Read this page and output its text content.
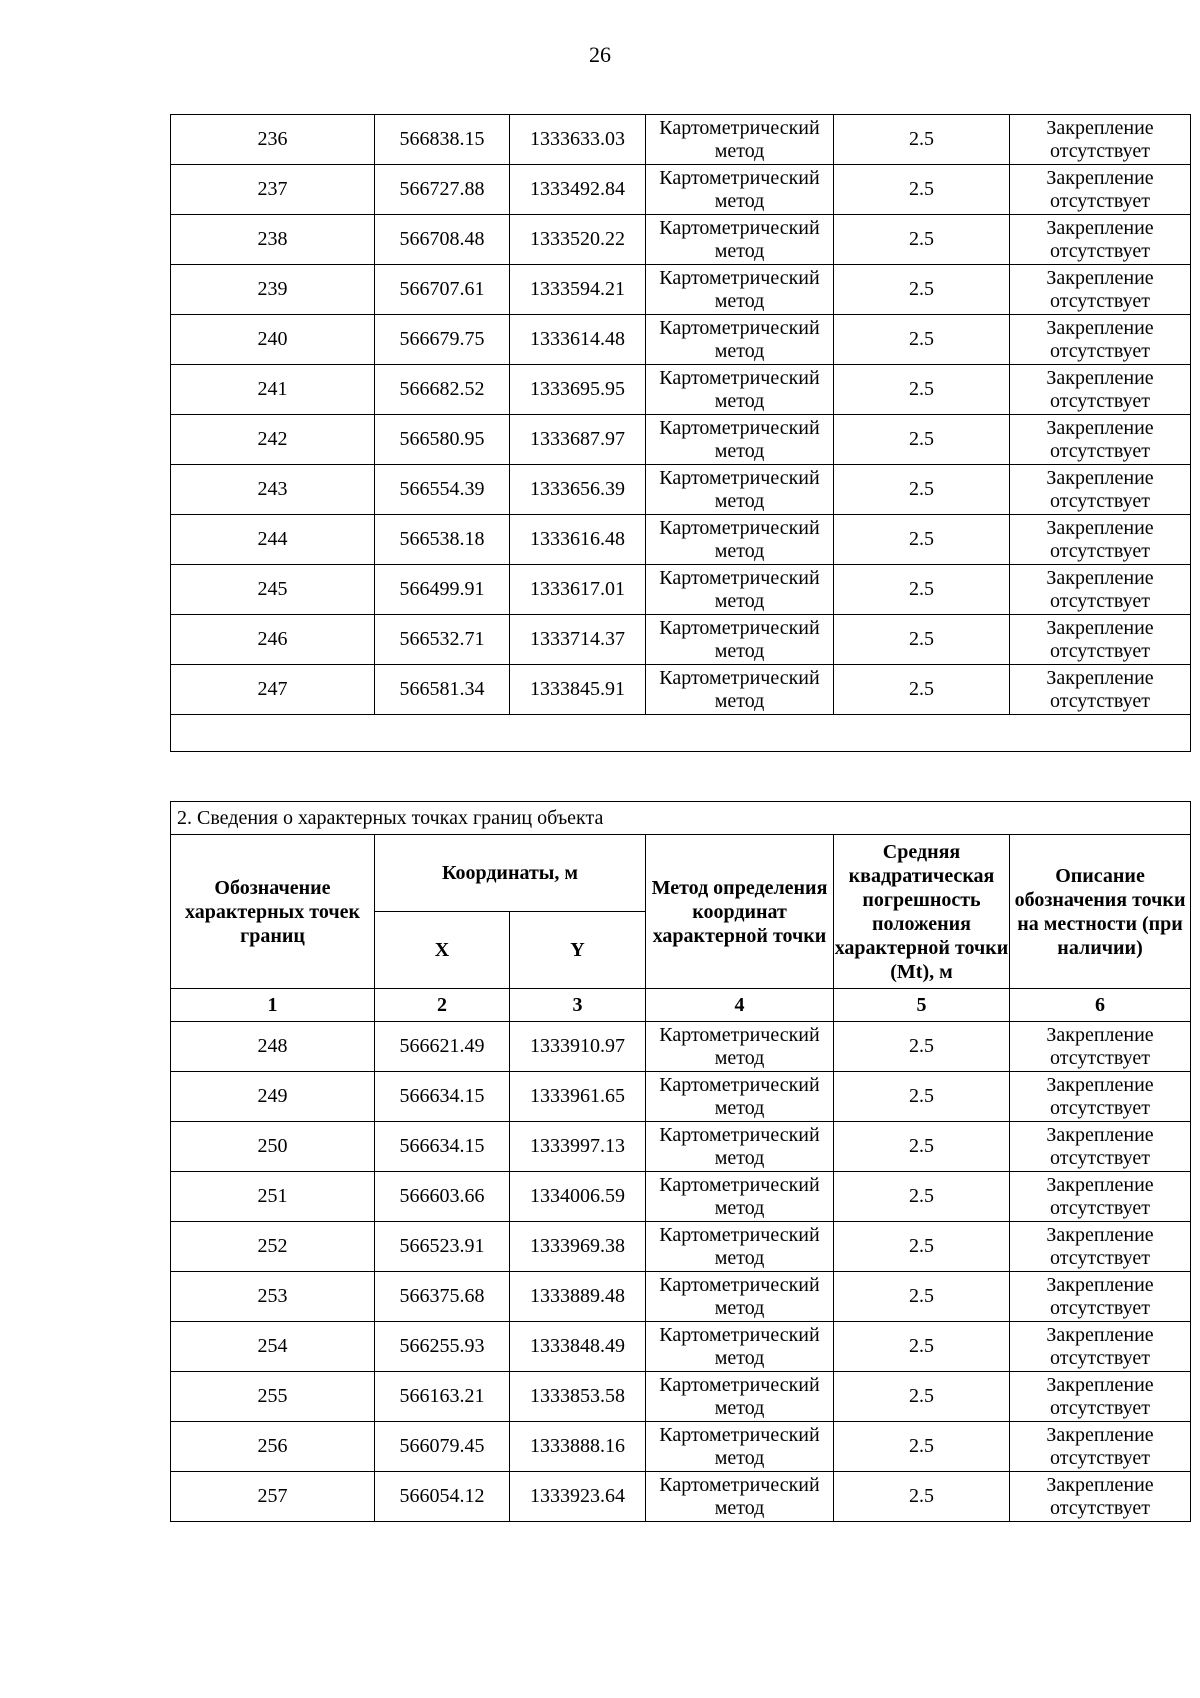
26
236	566838.15	1333633.03	Картометрический метод	2.5	Закрепление отсутствует
237	566727.88	1333492.84	Картометрический метод	2.5	Закрепление отсутствует
238	566708.48	1333520.22	Картометрический метод	2.5	Закрепление отсутствует
239	566707.61	1333594.21	Картометрический метод	2.5	Закрепление отсутствует
240	566679.75	1333614.48	Картометрический метод	2.5	Закрепление отсутствует
241	566682.52	1333695.95	Картометрический метод	2.5	Закрепление отсутствует
242	566580.95	1333687.97	Картометрический метод	2.5	Закрепление отсутствует
243	566554.39	1333656.39	Картометрический метод	2.5	Закрепление отсутствует
244	566538.18	1333616.48	Картометрический метод	2.5	Закрепление отсутствует
245	566499.91	1333617.01	Картометрический метод	2.5	Закрепление отсутствует
246	566532.71	1333714.37	Картометрический метод	2.5	Закрепление отсутствует
247	566581.34	1333845.91	Картометрический метод	2.5	Закрепление отсутствует

2. Сведения о характерных точках границ объекта					
Обозначение характерных точек границ	Координаты, м		Метод определения координат характерной точки	Средняя квадратическая погрешность положения характерной точки (Mt), м	Описание обозначения точки на местности (при наличии)
	X	Y			
1	2	3	4	5	6
248	566621.49	1333910.97	Картометрический метод	2.5	Закрепление отсутствует
249	566634.15	1333961.65	Картометрический метод	2.5	Закрепление отсутствует
250	566634.15	1333997.13	Картометрический метод	2.5	Закрепление отсутствует
251	566603.66	1334006.59	Картометрический метод	2.5	Закрепление отсутствует
252	566523.91	1333969.38	Картометрический метод	2.5	Закрепление отсутствует
253	566375.68	1333889.48	Картометрический метод	2.5	Закрепление отсутствует
254	566255.93	1333848.49	Картометрический метод	2.5	Закрепление отсутствует
255	566163.21	1333853.58	Картометрический метод	2.5	Закрепление отсутствует
256	566079.45	1333888.16	Картометрический метод	2.5	Закрепление отсутствует
257	566054.12	1333923.64	Картометрический метод	2.5	Закрепление отсутствует
